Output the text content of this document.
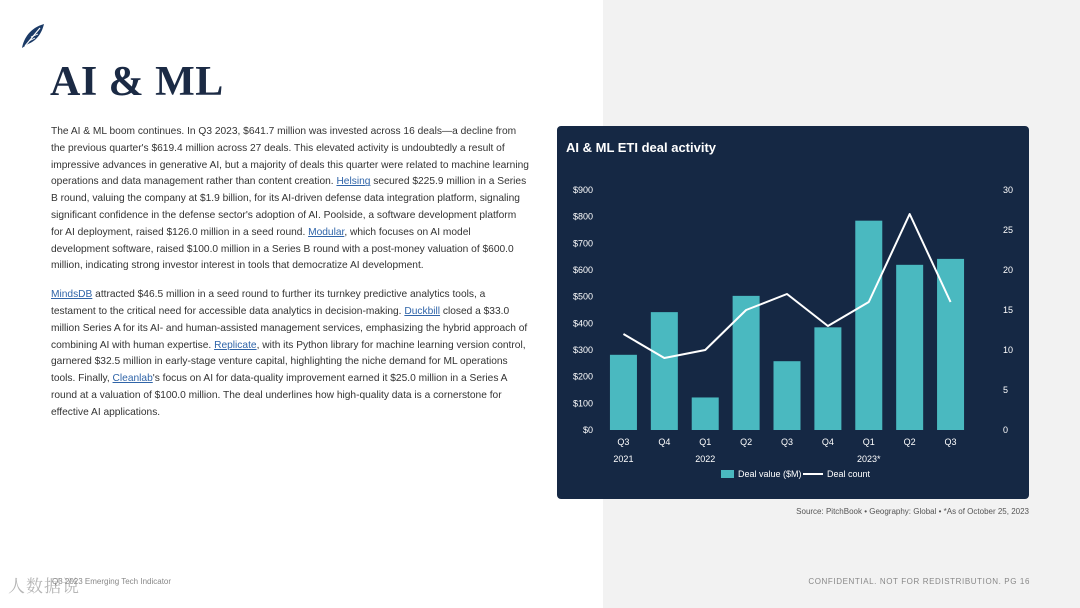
AI & ML

The AI & ML boom continues. In Q3 2023, $641.7 million was invested across 16 deals—a decline from the previous quarter's $619.4 million across 27 deals. This elevated activity is undoubtedly a result of impressive advances in generative AI, but a majority of deals this quarter were related to machine learning operations and data management rather than content creation. Helsing secured $225.9 million in a Series B round, valuing the company at $1.9 billion, for its AI-driven defense data integration platform, signaling significant confidence in the defense sector's adoption of AI. Poolside, a software development platform for AI deployment, raised $126.0 million in a seed round. Modular, which focuses on AI model development software, raised $100.0 million in a Series B round with a post-money valuation of $600.0 million, indicating strong investor interest in tools that democratize AI development.

MindsDB attracted $46.5 million in a seed round to further its turnkey predictive analytics tools, a testament to the critical need for accessible data analytics in decision-making. Duckbill closed a $33.0 million Series A for its AI- and human-assisted management services, emphasizing the hybrid approach of combining AI with human expertise. Replicate, with its Python library for machine learning version control, garnered $32.5 million in early-stage venture capital, highlighting the niche demand for ML operations tools. Finally, Cleanlab's focus on AI for data-quality improvement earned it $25.0 million in a Series A round at a valuation of $100.0 million. The deal underlines how high-quality data is a cornerstone for effective AI applications.

AI & ML ETI deal activity
$0
$100
$200
$300
$400
$500
$600
$700
$800
$900
0
5
10
15
20
25
30
Q3	Q4	Q1	Q2	Q3	Q4	Q1	Q2	Q3
2021	2022	2023*
Deal value ($M)	Deal count
Source: PitchBook • Geography: Global • *As of October 25, 2023
Q3 2023 Emerging Tech Indicator	CONFIDENTIAL. NOT FOR REDISTRIBUTION. PG 16
人数据说
